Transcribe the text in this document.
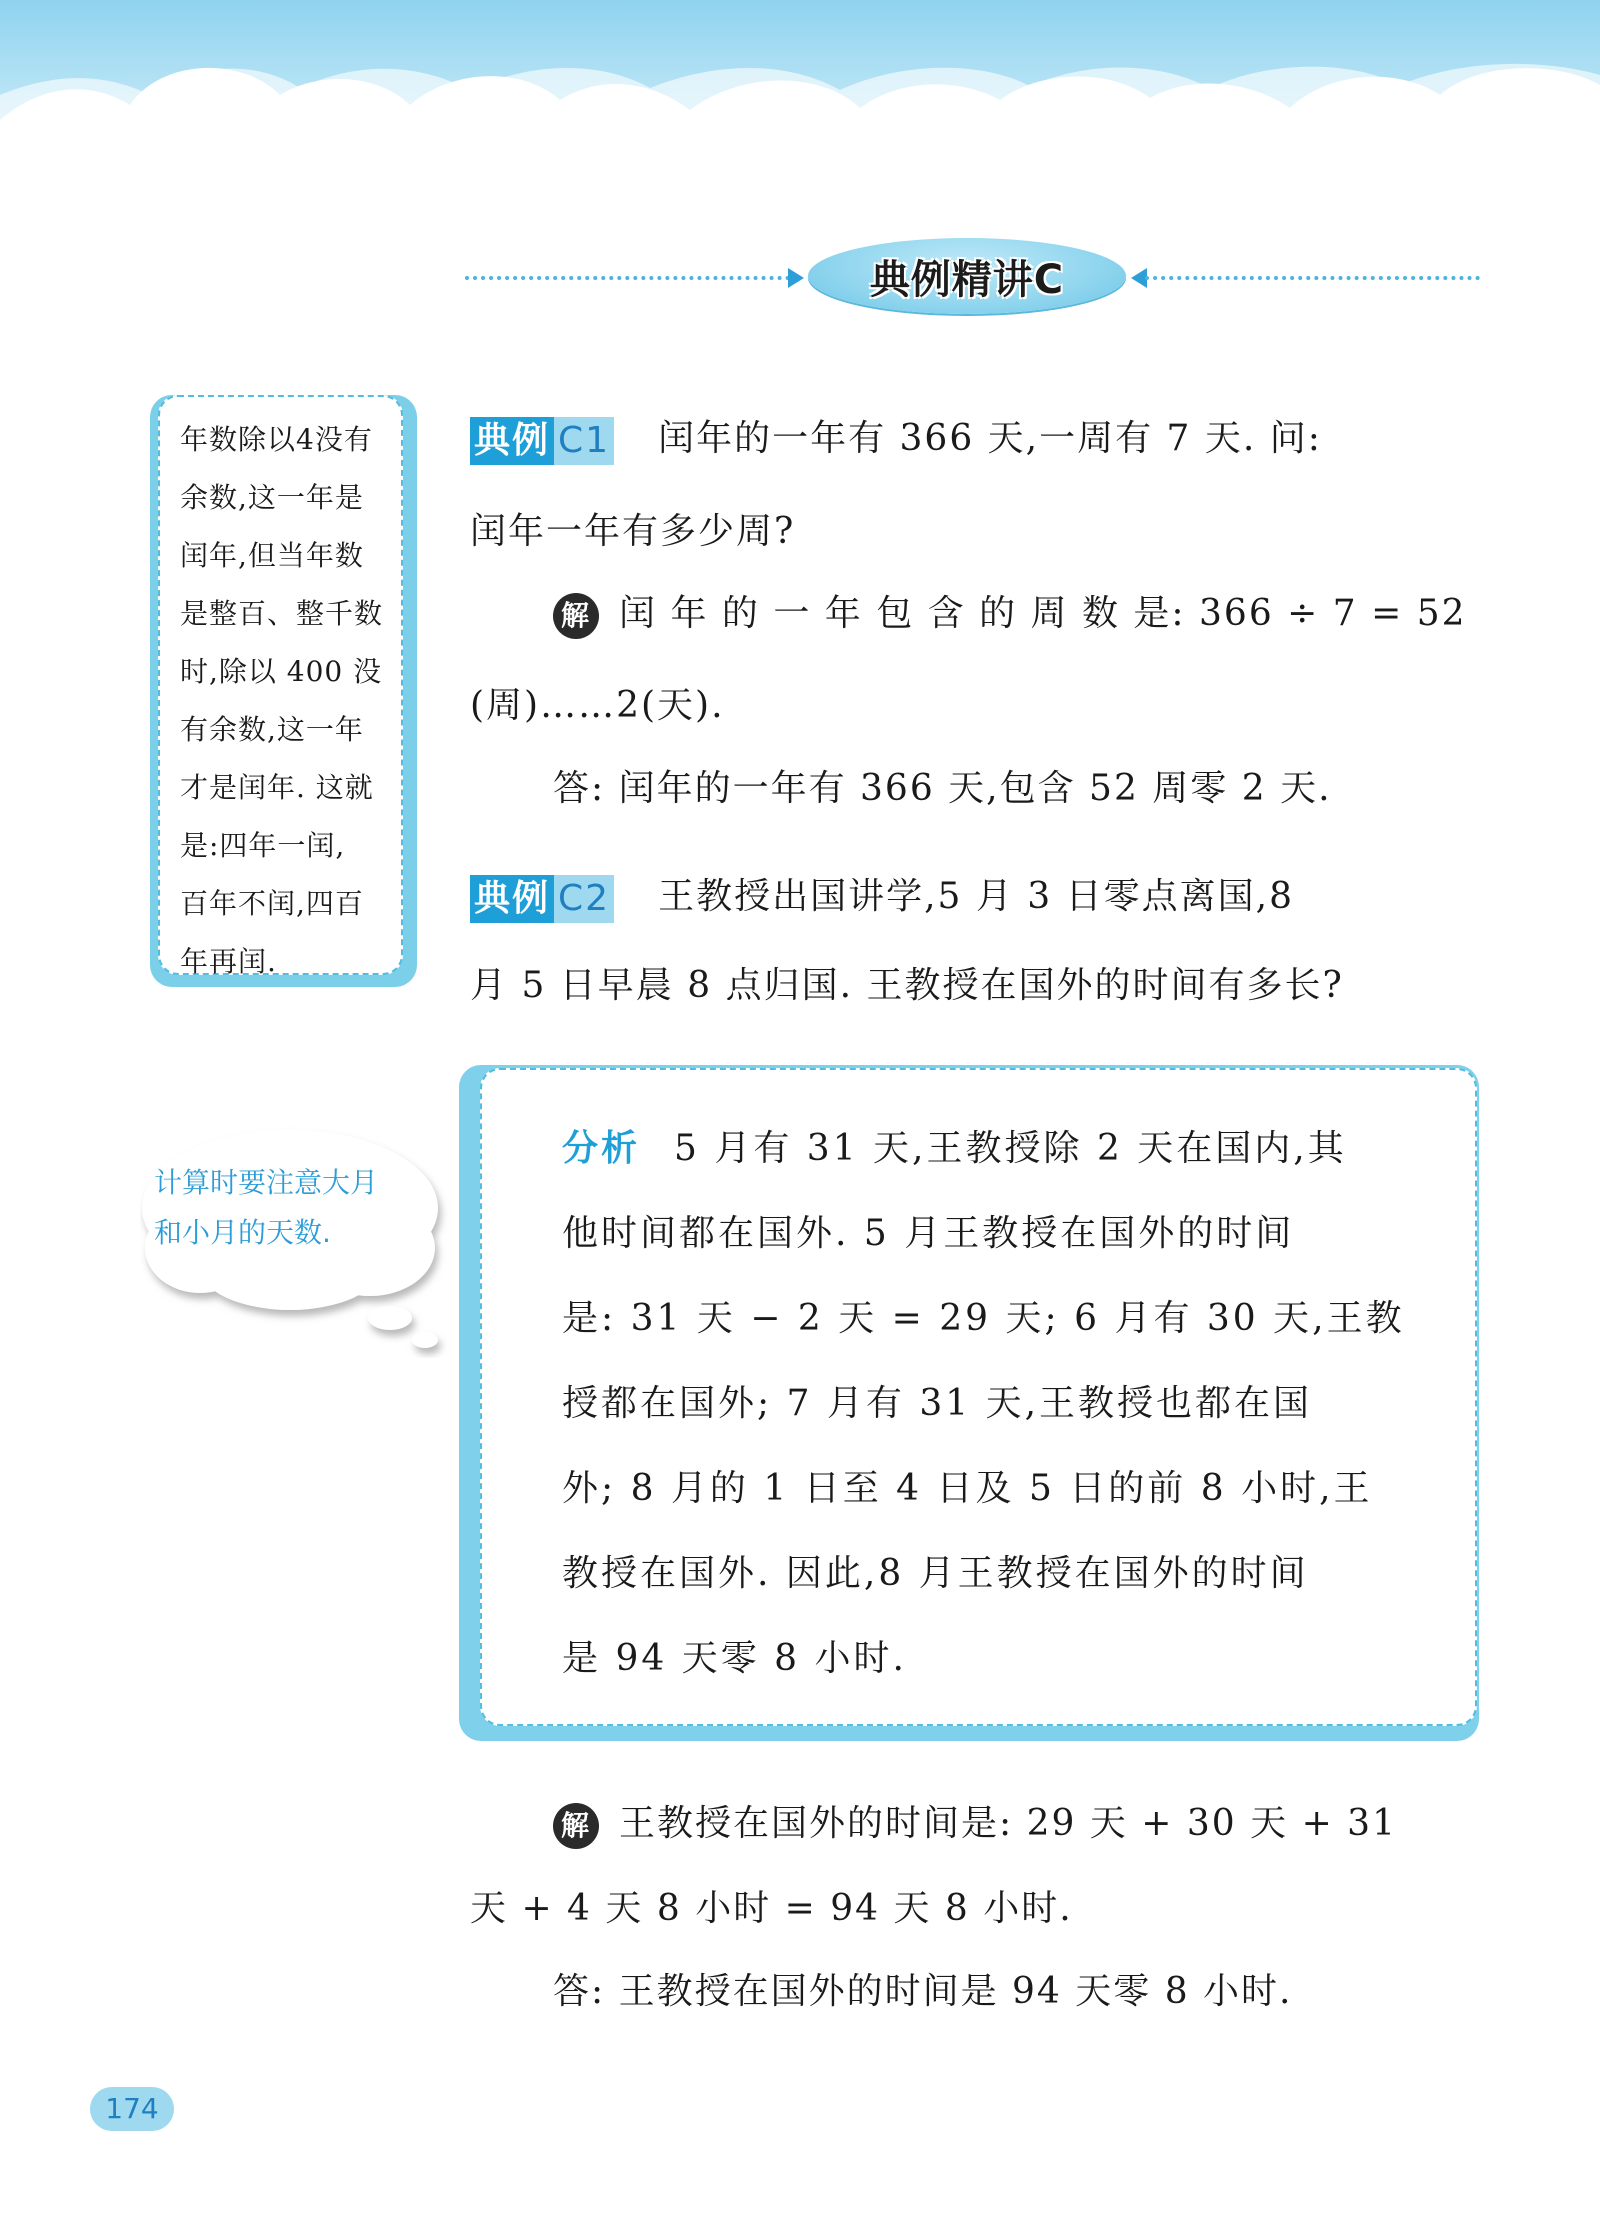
典例精讲C
年数除以4没有
余数,这一年是
闰年,但当年数
是整百、整千数
时,除以 400 没
有余数,这一年
才是闰年. 这就
是:四年一闰,
百年不闰,四百
年再闰.
计算时要注意大月
和小月的天数.
典例 C1 闰年的一年有 366 天,一周有 7 天. 问:
闰年一年有多少周?
解 闰 年 的 一 年 包 含 的 周 数 是: 366 ÷ 7 = 52
(周)……2(天).
答: 闰年的一年有 366 天,包含 52 周零 2 天.
典例 C2 王教授出国讲学,5 月 3 日零点离国,8
月 5 日早晨 8 点归国. 王教授在国外的时间有多长?
分析 5 月有 31 天,王教授除 2 天在国内,其
他时间都在国外. 5 月王教授在国外的时间
是: 31 天 − 2 天 = 29 天; 6 月有 30 天,王教
授都在国外; 7 月有 31 天,王教授也都在国
外; 8 月的 1 日至 4 日及 5 日的前 8 小时,王
教授在国外. 因此,8 月王教授在国外的时间
是 94 天零 8 小时.
解 王教授在国外的时间是: 29 天 + 30 天 + 31
天 + 4 天 8 小时 = 94 天 8 小时.
答: 王教授在国外的时间是 94 天零 8 小时.
174
